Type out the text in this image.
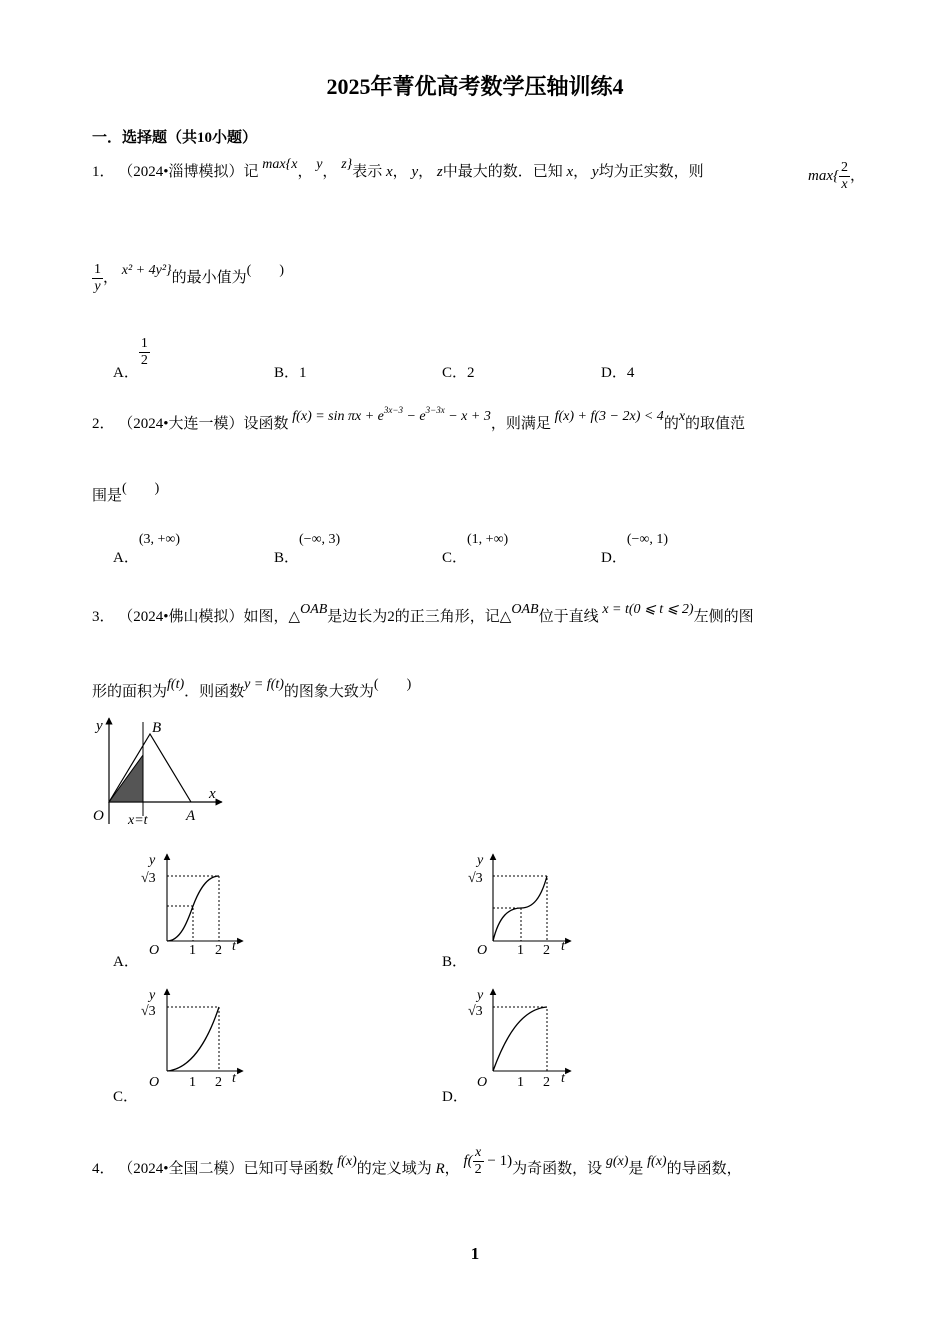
2025年菁优高考数学压轴训练4
一．选择题（共10小题）
1． （2024•淄博模拟）记 max{x， y， z}表示 x， y， z中最大的数．已知 x， y均为正实数，则	$\max\{ \frac{2}{x}$ ，
$\frac{1}{y}$ ， x² + 4y²}的最小值为(　　)
A．
$\frac{1}{2}$
B．1	C．2	D．4
2． （2024•大连一模）设函数 $f(x) = \sin \pi x + e^{3x-3} - e^{3-3x} - x + 3$，则满足 f(x) + f(3 − 2x) < 4的x的取值范
围是(　　)
A．(3, +∞)
B．(−∞, 3)
C．(1, +∞)
D．(−∞, 1)
3． （2024•佛山模拟）如图，△OAB是边长为2的正三角形，记△OAB位于直线 x = t(0 ⩽ t ⩽ 2)左侧的图
形的面积为f(t)．则函数y = f(t)的图象大致为(　　)
y	B
x
O x=t	A
y
√3
O 1 2 t
A．
y
√3
O 1 2 t
B．
y
√3
O 1 2 t
C．
y
√3
O 1 2 t
D．
4． （2024•全国二模）已知可导函数 f(x)的定义域为 R， $f( \frac{x}{2} - 1)$为奇函数，设 g(x)是 f(x)的导函数，
1
